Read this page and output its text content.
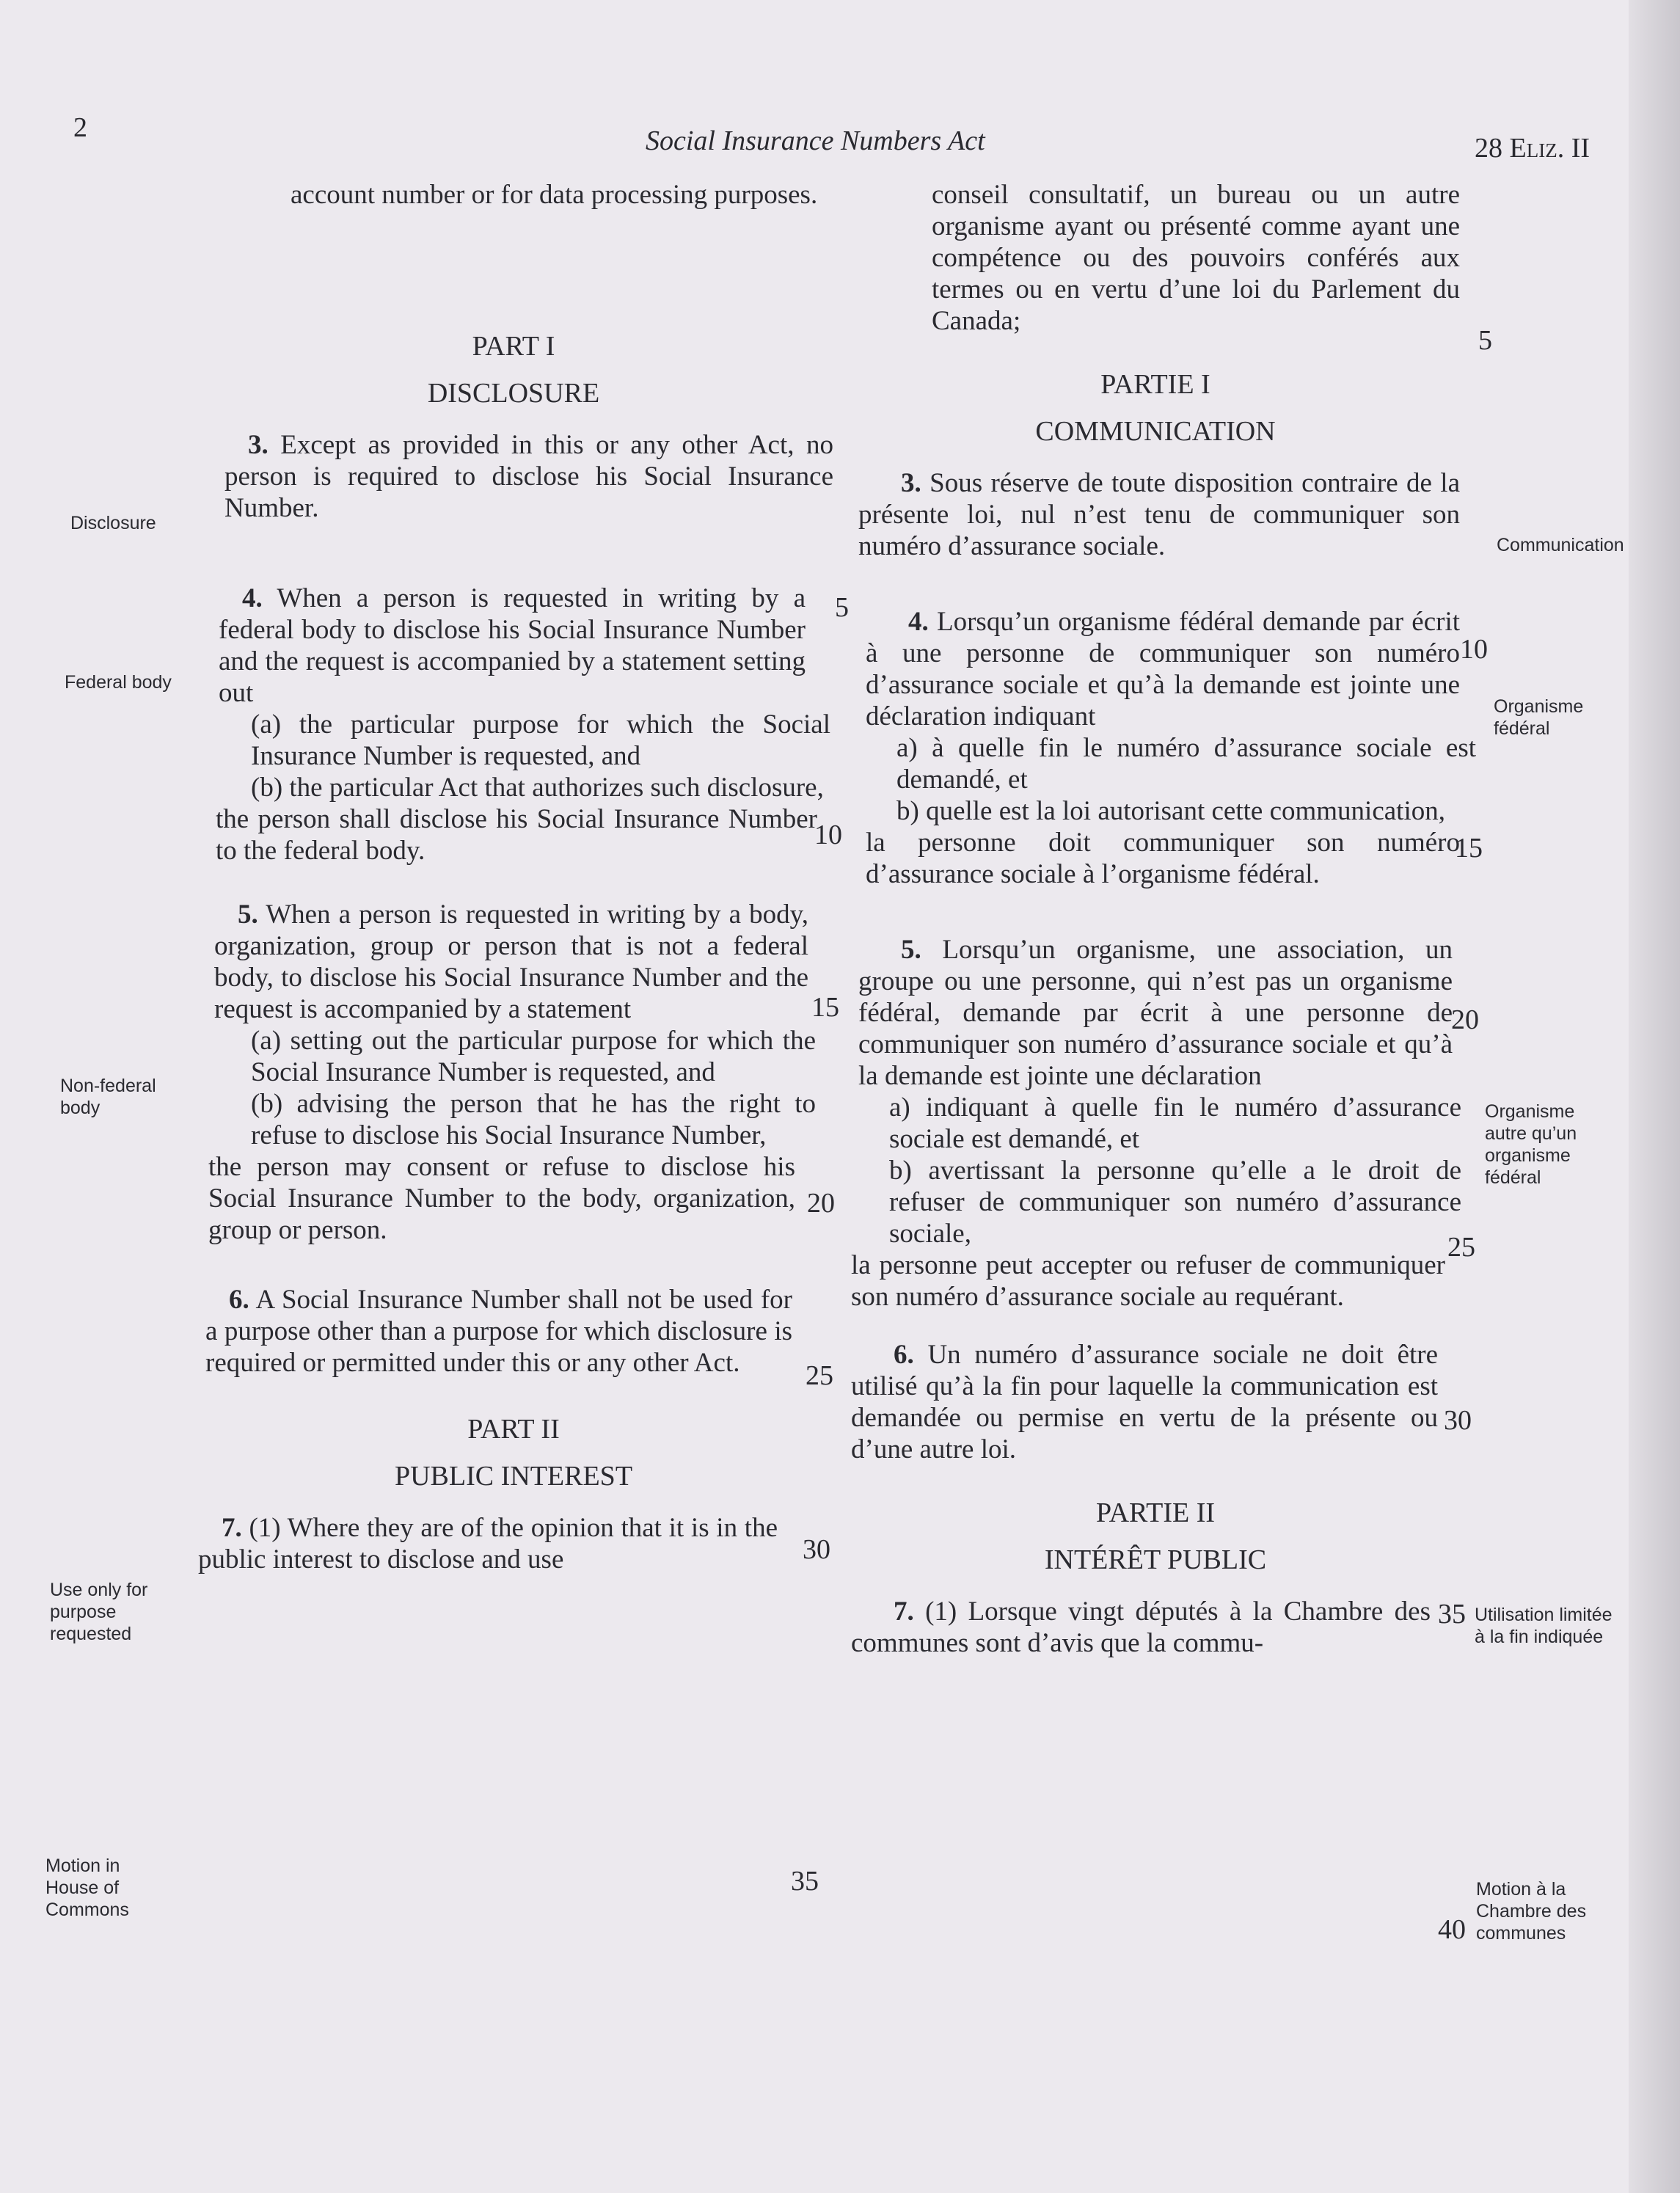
2	Social Insurance Numbers Act	28 Eliz. II

account number or for data processing purposes.

PART I
DISCLOSURE

3. Except as provided in this or any other Act, no person is required to disclose his Social Insurance Number.

4. When a person is requested in writing by a federal body to disclose his Social Insurance Number and the request is accompanied by a statement setting out

(a) the particular purpose for which the Social Insurance Number is requested, and

(b) the particular Act that authorizes such disclosure,

the person shall disclose his Social Insurance Number to the federal body.

5. When a person is requested in writing by a body, organization, group or person that is not a federal body, to disclose his Social Insurance Number and the request is accompanied by a statement

(a) setting out the particular purpose for which the Social Insurance Number is requested, and

(b) advising the person that he has the right to refuse to disclose his Social Insurance Number,

the person may consent or refuse to disclose his Social Insurance Number to the body, organization, group or person.

6. A Social Insurance Number shall not be used for a purpose other than a purpose for which disclosure is required or permitted under this or any other Act.

PART II
PUBLIC INTEREST

7. (1) Where they are of the opinion that it is in the public interest to disclose and use

conseil consultatif, un bureau ou un autre organisme ayant ou présenté comme ayant une compétence ou des pouvoirs conférés aux termes ou en vertu d’une loi du Parlement du Canada;

PARTIE I
COMMUNICATION

3. Sous réserve de toute disposition contraire de la présente loi, nul n’est tenu de communiquer son numéro d’assurance sociale.

4. Lorsqu’un organisme fédéral demande par écrit à une personne de communiquer son numéro d’assurance sociale et qu’à la demande est jointe une déclaration indiquant

a) à quelle fin le numéro d’assurance sociale est demandé, et

b) quelle est la loi autorisant cette communication,

la personne doit communiquer son numéro d’assurance sociale à l’organisme fédéral.

5. Lorsqu’un organisme, une association, un groupe ou une personne, qui n’est pas un organisme fédéral, demande par écrit à une personne de communiquer son numéro d’assurance sociale et qu’à la demande est jointe une déclaration

a) indiquant à quelle fin le numéro d’assurance sociale est demandé, et

b) avertissant la personne qu’elle a le droit de refuser de communiquer son numéro d’assurance sociale,

la personne peut accepter ou refuser de communiquer son numéro d’assurance sociale au requérant.

6. Un numéro d’assurance sociale ne doit être utilisé qu’à la fin pour laquelle la communication est demandée ou permise en vertu de la présente ou d’une autre loi.

PARTIE II
INTÉRÊT PUBLIC

7. (1) Lorsque vingt députés à la Chambre des communes sont d’avis que la commu-

5
10
15
20
25
30
35
5
10
15
20
25
30
35
40
Disclosure
Federal body
Non-federal body
Use only for purpose requested
Motion in House of Commons
Communication
Organisme fédéral
Organisme autre qu’un organisme fédéral
Utilisation limitée à la fin indiquée
Motion à la Chambre des communes
